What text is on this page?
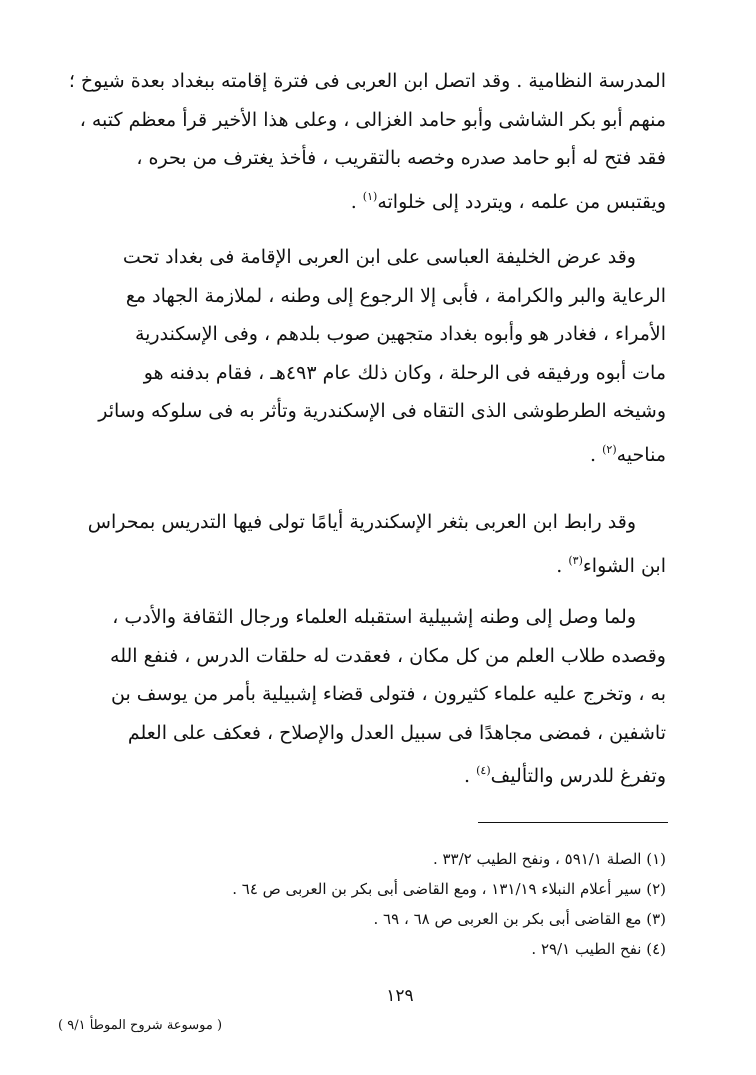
المدرسة النظامية . وقد اتصل ابن العربى فى فترة إقامته ببغداد بعدة شيوخ ؛
منهم أبو بكر الشاشى وأبو حامد الغزالى ، وعلى هذا الأخير قرأ معظم كتبه ،
فقد فتح له أبو حامد صدره وخصه بالتقريب ، فأخذ يغترف من بحره ،
ويقتبس من علمه ، ويتردد إلى خلواته$^{(١)}$ .
وقد عرض الخليفة العباسى على ابن العربى الإقامة فى بغداد تحت
الرعاية والبر والكرامة ، فأبى إلا الرجوع إلى وطنه ، لملازمة الجهاد مع
الأمراء ، فغادر هو وأبوه بغداد متجهين صوب بلدهم ، وفى الإسكندرية
مات أبوه ورفيقه فى الرحلة ، وكان ذلك عام ٤٩٣هـ ، فقام بدفنه هو
وشيخه الطرطوشى الذى التقاه فى الإسكندرية وتأثر به فى سلوكه وسائر
مناحيه$^{(٢)}$ .
وقد رابط ابن العربى بثغر الإسكندرية أيامًا تولى فيها التدريس بمحراس
ابن الشواء$^{(٣)}$ .
ولما وصل إلى وطنه إشبيلية استقبله العلماء ورجال الثقافة والأدب ،
وقصده طلاب العلم من كل مكان ، فعقدت له حلقات الدرس ، فنفع الله
به ، وتخرج عليه علماء كثيرون ، فتولى قضاء إشبيلية بأمر من يوسف بن
تاشفين ، فمضى مجاهدًا فى سبيل العدل والإصلاح ، فعكف على العلم
وتفرغ للدرس والتأليف$^{(٤)}$ .
(١) الصلة ٥٩١/١ ، ونفح الطيب ٣٣/٢ .
(٢) سير أعلام النبلاء ١٣١/١٩ ، ومع القاضى أبى بكر بن العربى ص ٦٤ .
(٣) مع القاضى أبى بكر بن العربى ص ٦٨ ، ٦٩ .
(٤) نفح الطيب ٢٩/١ .
١٢٩
( موسوعة شروح الموطأ ٩/١ )
